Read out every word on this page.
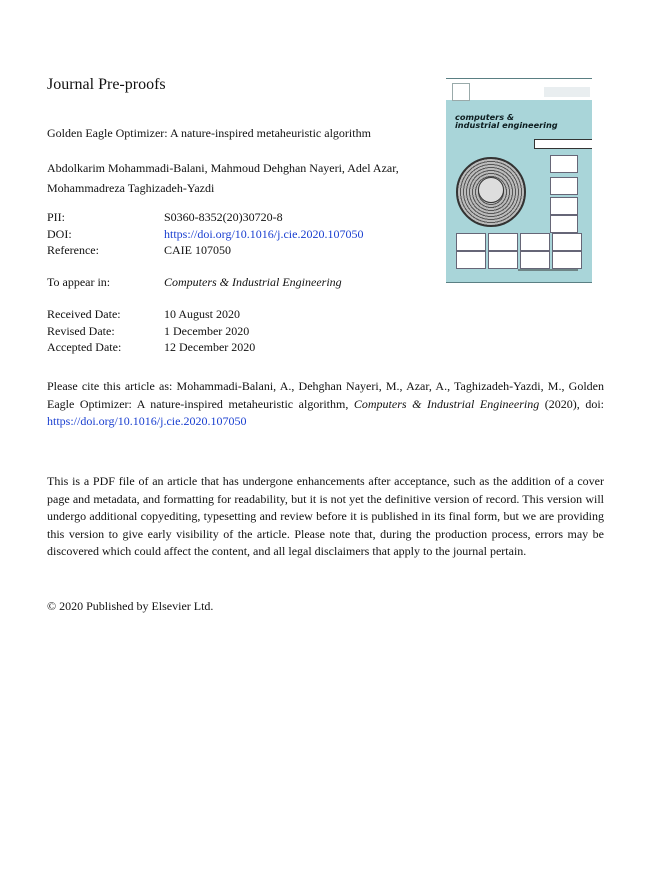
Journal Pre-proofs
Golden Eagle Optimizer: A nature-inspired metaheuristic algorithm
Abdolkarim Mohammadi-Balani, Mahmoud Dehghan Nayeri, Adel Azar,
Mohammadreza Taghizadeh-Yazdi
PII:	S0360-8352(20)30720-8
DOI:	https://doi.org/10.1016/j.cie.2020.107050
Reference:	CAIE 107050
To appear in:	Computers & Industrial Engineering
Received Date:	10 August 2020
Revised Date:	1 December 2020
Accepted Date:	12 December 2020
Please cite this article as: Mohammadi-Balani, A., Dehghan Nayeri, M., Azar, A., Taghizadeh-Yazdi, M., Golden Eagle Optimizer: A nature-inspired metaheuristic algorithm, Computers & Industrial Engineering (2020), doi: https://doi.org/10.1016/j.cie.2020.107050
This is a PDF file of an article that has undergone enhancements after acceptance, such as the addition of a cover page and metadata, and formatting for readability, but it is not yet the definitive version of record. This version will undergo additional copyediting, typesetting and review before it is published in its final form, but we are providing this version to give early visibility of the article. Please note that, during the production process, errors may be discovered which could affect the content, and all legal disclaimers that apply to the journal pertain.
© 2020 Published by Elsevier Ltd.
computers &
industrial engineering
